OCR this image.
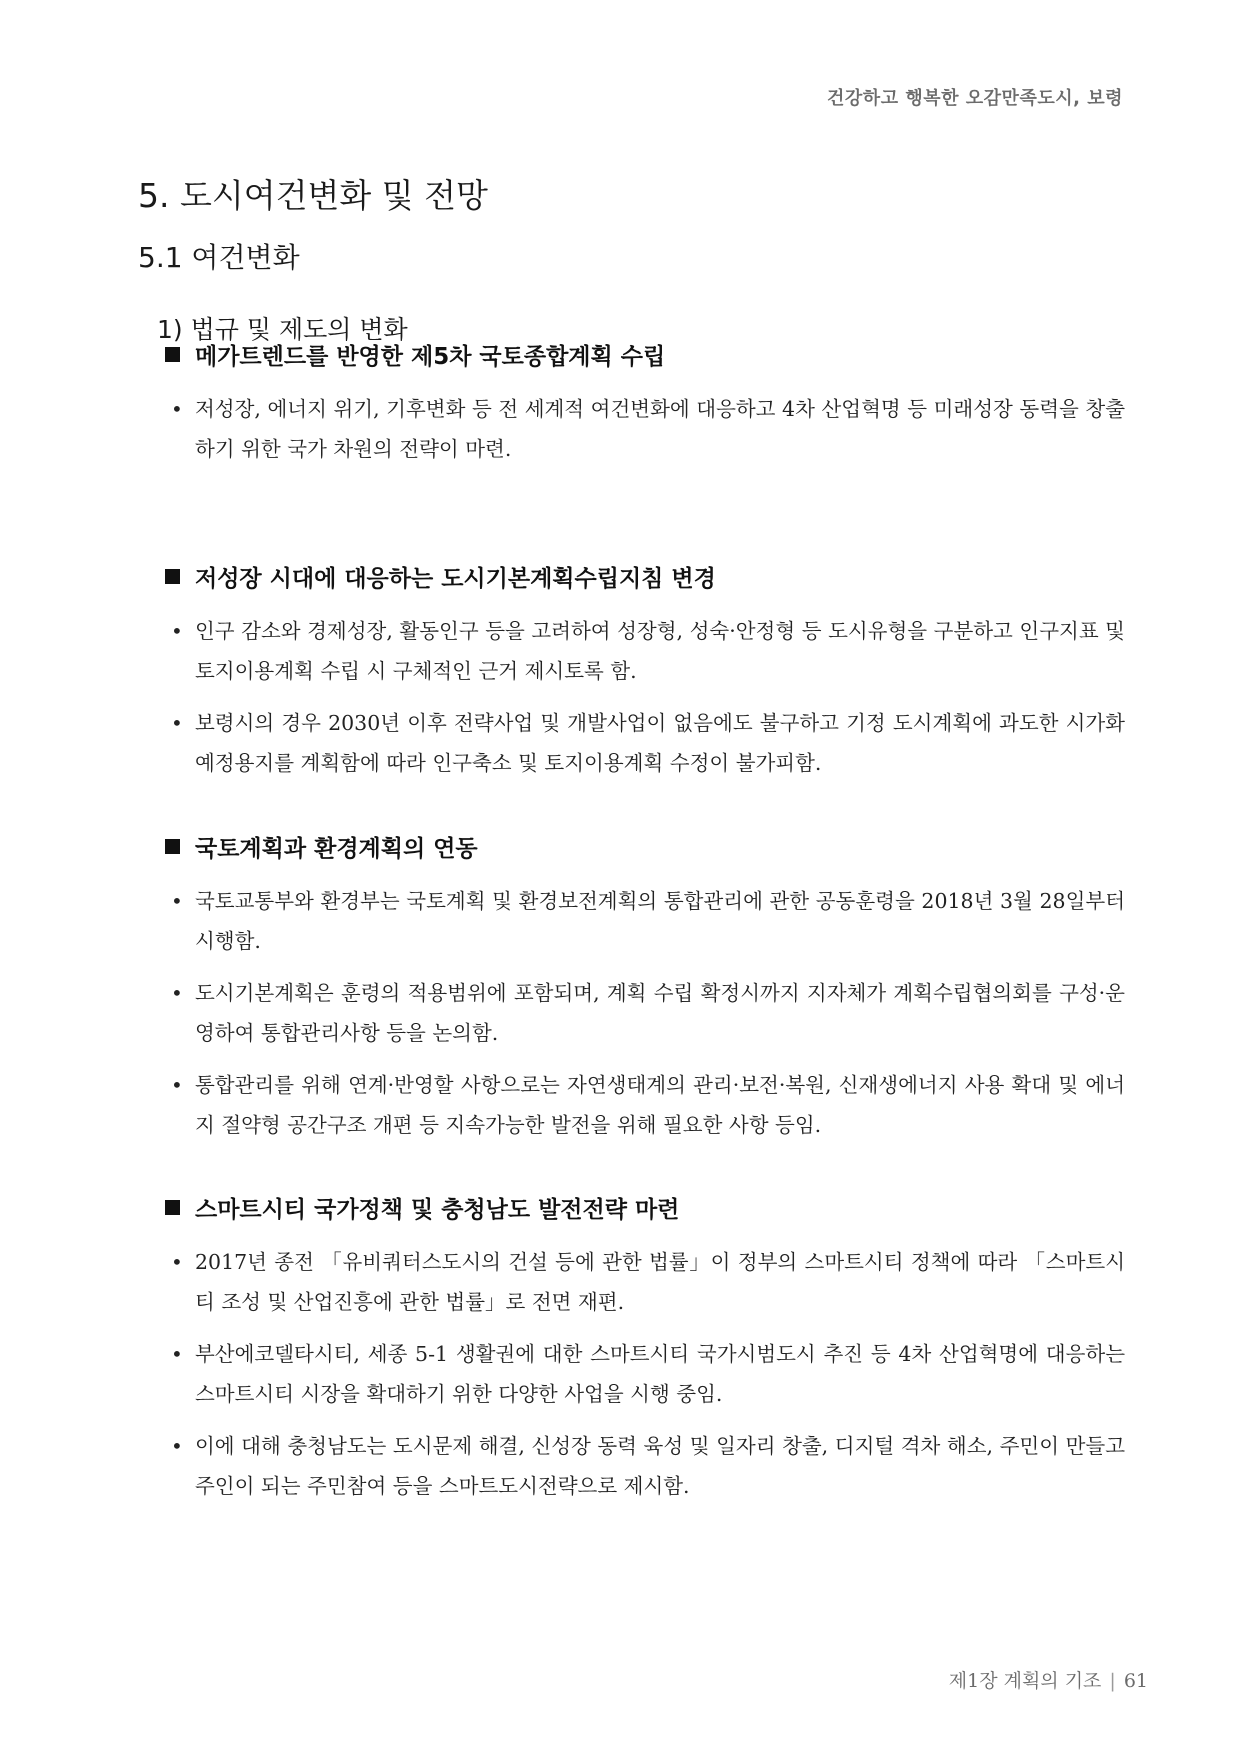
건강하고 행복한 오감만족도시, 보령
5. 도시여건변화 및 전망
5.1 여건변화
1) 법규 및 제도의 변화
메가트렌드를 반영한 제5차 국토종합계획 수립
• 저성장, 에너지 위기, 기후변화 등 전 세계적 여건변화에 대응하고 4차 산업혁명 등 미래성장 동력을 창출하기 위한 국가 차원의 전략이 마련.
저성장 시대에 대응하는 도시기본계획수립지침 변경
• 인구 감소와 경제성장, 활동인구 등을 고려하여 성장형, 성숙·안정형 등 도시유형을 구분하고 인구지표 및 토지이용계획 수립 시 구체적인 근거 제시토록 함.
• 보령시의 경우 2030년 이후 전략사업 및 개발사업이 없음에도 불구하고 기정 도시계획에 과도한 시가화예정용지를 계획함에 따라 인구축소 및 토지이용계획 수정이 불가피함.
국토계획과 환경계획의 연동
• 국토교통부와 환경부는 국토계획 및 환경보전계획의 통합관리에 관한 공동훈령을 2018년 3월 28일부터 시행함.
• 도시기본계획은 훈령의 적용범위에 포함되며, 계획 수립 확정시까지 지자체가 계획수립협의회를 구성·운영하여 통합관리사항 등을 논의함.
• 통합관리를 위해 연계·반영할 사항으로는 자연생태계의 관리·보전·복원, 신재생에너지 사용 확대 및 에너지 절약형 공간구조 개편 등 지속가능한 발전을 위해 필요한 사항 등임.
스마트시티 국가정책 및 충청남도 발전전략 마련
• 2017년 종전 「유비쿼터스도시의 건설 등에 관한 법률」이 정부의 스마트시티 정책에 따라 「스마트시티 조성 및 산업진흥에 관한 법률」로 전면 재편.
• 부산에코델타시티, 세종 5-1 생활권에 대한 스마트시티 국가시범도시 추진 등 4차 산업혁명에 대응하는 스마트시티 시장을 확대하기 위한 다양한 사업을 시행 중임.
• 이에 대해 충청남도는 도시문제 해결, 신성장 동력 육성 및 일자리 창출, 디지털 격차 해소, 주민이 만들고 주인이 되는 주민참여 등을 스마트도시전략으로 제시함.
제1장 계획의 기조 | 61
